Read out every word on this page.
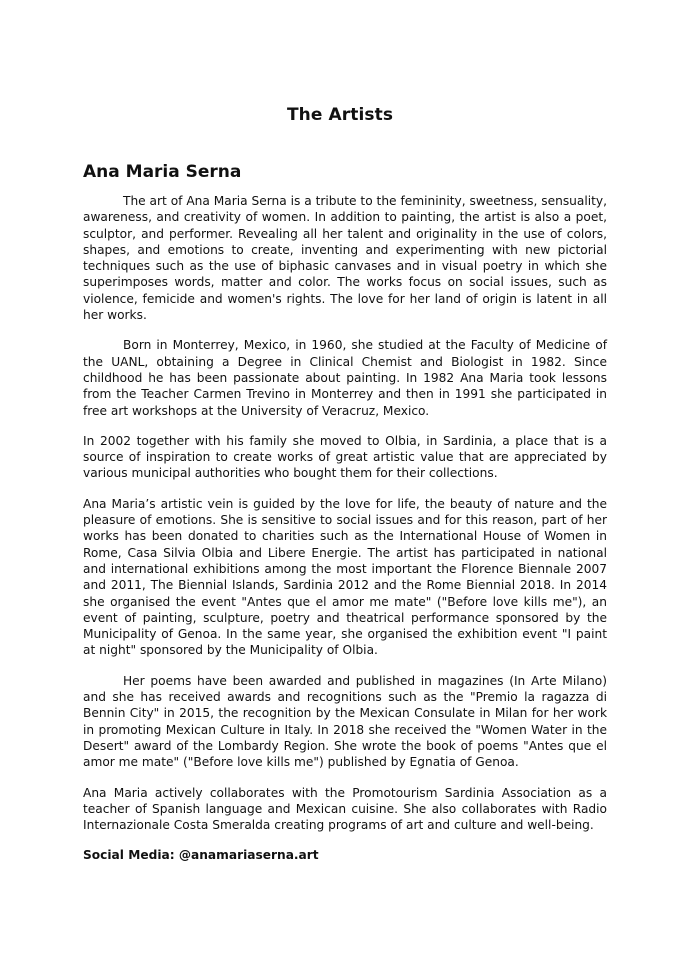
The Artists
Ana Maria Serna

The art of Ana Maria Serna is a tribute to the femininity, sweetness, sensuality, awareness, and creativity of women. In addition to painting, the artist is also a poet, sculptor, and performer. Revealing all her talent and originality in the use of colors, shapes, and emotions to create, inventing and experimenting with new pictorial techniques such as the use of biphasic canvases and in visual poetry in which she superimposes words, matter and color. The works focus on social issues, such as violence, femicide and women's rights. The love for her land of origin is latent in all her works.

Born in Monterrey, Mexico, in 1960, she studied at the Faculty of Medicine of the UANL, obtaining a Degree in Clinical Chemist and Biologist in 1982. Since childhood he has been passionate about painting. In 1982 Ana Maria took lessons from the Teacher Carmen Trevino in Monterrey and then in 1991 she participated in free art workshops at the University of Veracruz, Mexico.

In 2002 together with his family she moved to Olbia, in Sardinia, a place that is a source of inspiration to create works of great artistic value that are appreciated by various municipal authorities who bought them for their collections.

Ana Maria’s artistic vein is guided by the love for life, the beauty of nature and the pleasure of emotions. She is sensitive to social issues and for this reason, part of her works has been donated to charities such as the International House of Women in Rome, Casa Silvia Olbia and Libere Energie. The artist has participated in national and international exhibitions among the most important the Florence Biennale 2007 and 2011, The Biennial Islands, Sardinia 2012 and the Rome Biennial 2018. In 2014 she organised the event "Antes que el amor me mate" ("Before love kills me"), an event of painting, sculpture, poetry and theatrical performance sponsored by the Municipality of Genoa. In the same year, she organised the exhibition event "I paint at night" sponsored by the Municipality of Olbia.

Her poems have been awarded and published in magazines (In Arte Milano) and she has received awards and recognitions such as the "Premio la ragazza di Bennin City" in 2015, the recognition by the Mexican Consulate in Milan for her work in promoting Mexican Culture in Italy. In 2018 she received the "Women Water in the Desert" award of the Lombardy Region. She wrote the book of poems "Antes que el amor me mate" ("Before love kills me") published by Egnatia of Genoa.

Ana Maria actively collaborates with the Promotourism Sardinia Association as a teacher of Spanish language and Mexican cuisine. She also collaborates with Radio Internazionale Costa Smeralda creating programs of art and culture and well-being.

Social Media: @anamariaserna.art
